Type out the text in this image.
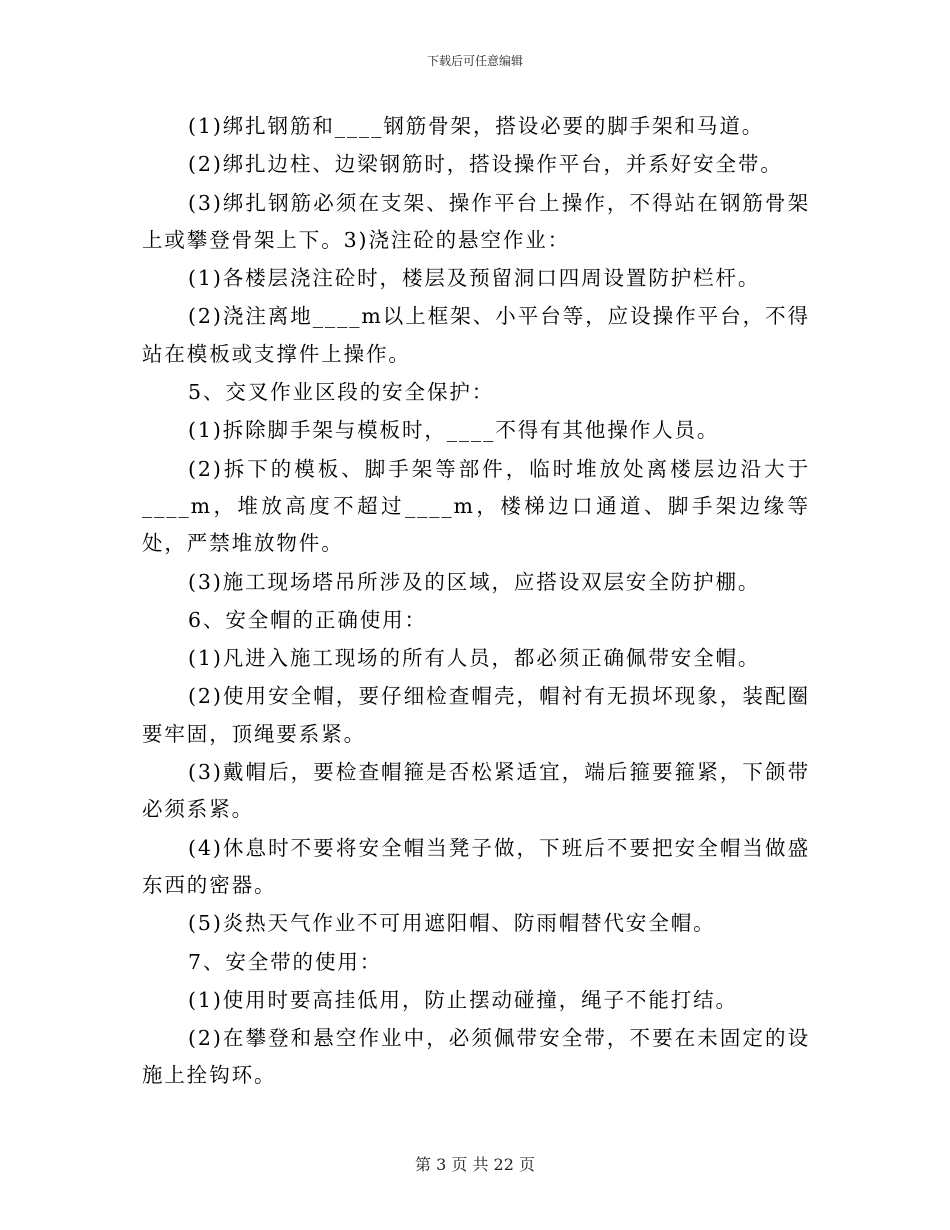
下载后可任意编辑

(1)绑扎钢筋和____钢筋骨架，搭设必要的脚手架和马道。

(2)绑扎边柱、边梁钢筋时，搭设操作平台，并系好安全带。

(3)绑扎钢筋必须在支架、操作平台上操作，不得站在钢筋骨架上或攀登骨架上下。3)浇注砼的悬空作业：

(1)各楼层浇注砼时，楼层及预留洞口四周设置防护栏杆。

(2)浇注离地____m以上框架、小平台等，应设操作平台，不得站在模板或支撑件上操作。

5、交叉作业区段的安全保护：

(1)拆除脚手架与模板时，____不得有其他操作人员。

(2)拆下的模板、脚手架等部件，临时堆放处离楼层边沿大于____m，堆放高度不超过____m，楼梯边口通道、脚手架边缘等处，严禁堆放物件。

(3)施工现场塔吊所涉及的区域，应搭设双层安全防护棚。

6、安全帽的正确使用：

(1)凡进入施工现场的所有人员，都必须正确佩带安全帽。

(2)使用安全帽，要仔细检查帽壳，帽衬有无损坏现象，装配圈要牢固，顶绳要系紧。

(3)戴帽后，要检查帽箍是否松紧适宜，端后箍要箍紧，下颌带必须系紧。

(4)休息时不要将安全帽当凳子做，下班后不要把安全帽当做盛东西的密器。

(5)炎热天气作业不可用遮阳帽、防雨帽替代安全帽。

7、安全带的使用：

(1)使用时要高挂低用，防止摆动碰撞，绳子不能打结。

(2)在攀登和悬空作业中，必须佩带安全带，不要在未固定的设施上拴钩环。

第 3 页 共 22 页
